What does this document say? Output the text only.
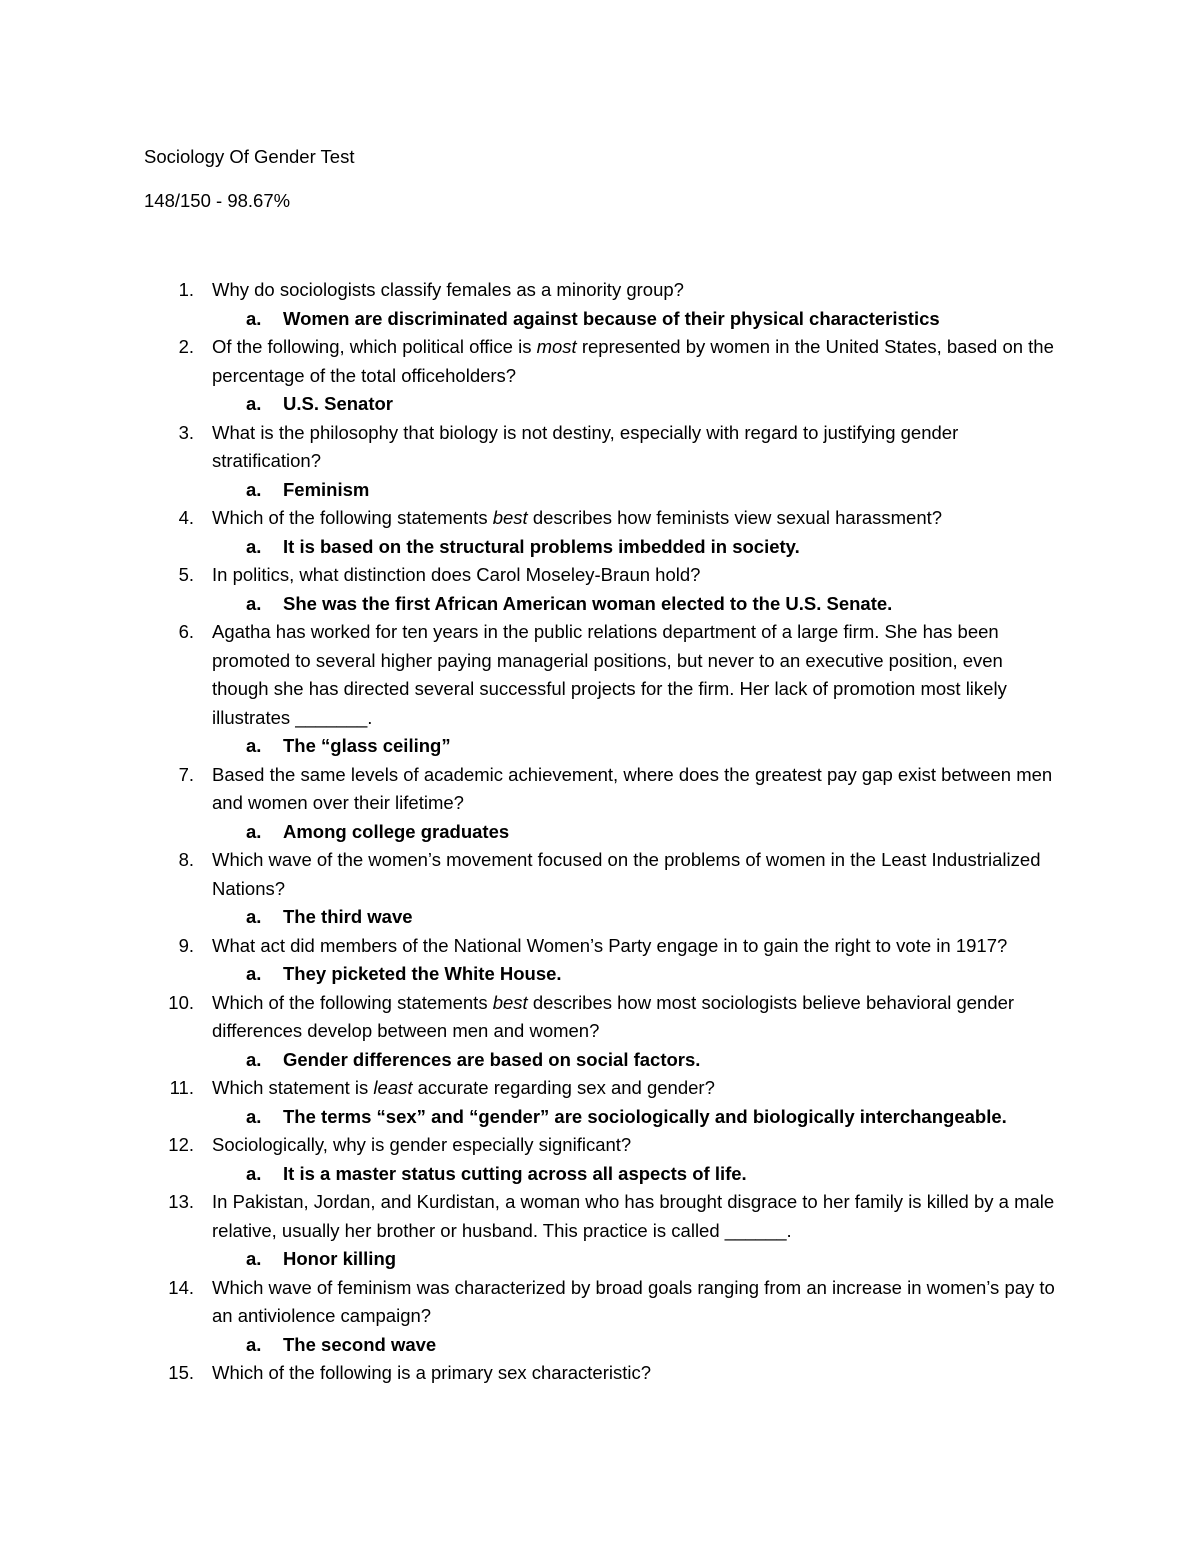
Sociology Of Gender Test
148/150 - 98.67%
1. Why do sociologists classify females as a minority group?
a. Women are discriminated against because of their physical characteristics
2. Of the following, which political office is most represented by women in the United States, based on the percentage of the total officeholders?
a. U.S. Senator
3. What is the philosophy that biology is not destiny, especially with regard to justifying gender stratification?
a. Feminism
4. Which of the following statements best describes how feminists view sexual harassment?
a. It is based on the structural problems imbedded in society.
5. In politics, what distinction does Carol Moseley-Braun hold?
a. She was the first African American woman elected to the U.S. Senate.
6. Agatha has worked for ten years in the public relations department of a large firm. She has been promoted to several higher paying managerial positions, but never to an executive position, even though she has directed several successful projects for the firm. Her lack of promotion most likely illustrates _______.
a. The “glass ceiling”
7. Based the same levels of academic achievement, where does the greatest pay gap exist between men and women over their lifetime?
a. Among college graduates
8. Which wave of the women’s movement focused on the problems of women in the Least Industrialized Nations?
a. The third wave
9. What act did members of the National Women’s Party engage in to gain the right to vote in 1917?
a. They picketed the White House.
10. Which of the following statements best describes how most sociologists believe behavioral gender differences develop between men and women?
a. Gender differences are based on social factors.
11. Which statement is least accurate regarding sex and gender?
a. The terms “sex” and “gender” are sociologically and biologically interchangeable.
12. Sociologically, why is gender especially significant?
a. It is a master status cutting across all aspects of life.
13. In Pakistan, Jordan, and Kurdistan, a woman who has brought disgrace to her family is killed by a male relative, usually her brother or husband. This practice is called ______.
a. Honor killing
14. Which wave of feminism was characterized by broad goals ranging from an increase in women’s pay to an antiviolence campaign?
a. The second wave
15. Which of the following is a primary sex characteristic?
